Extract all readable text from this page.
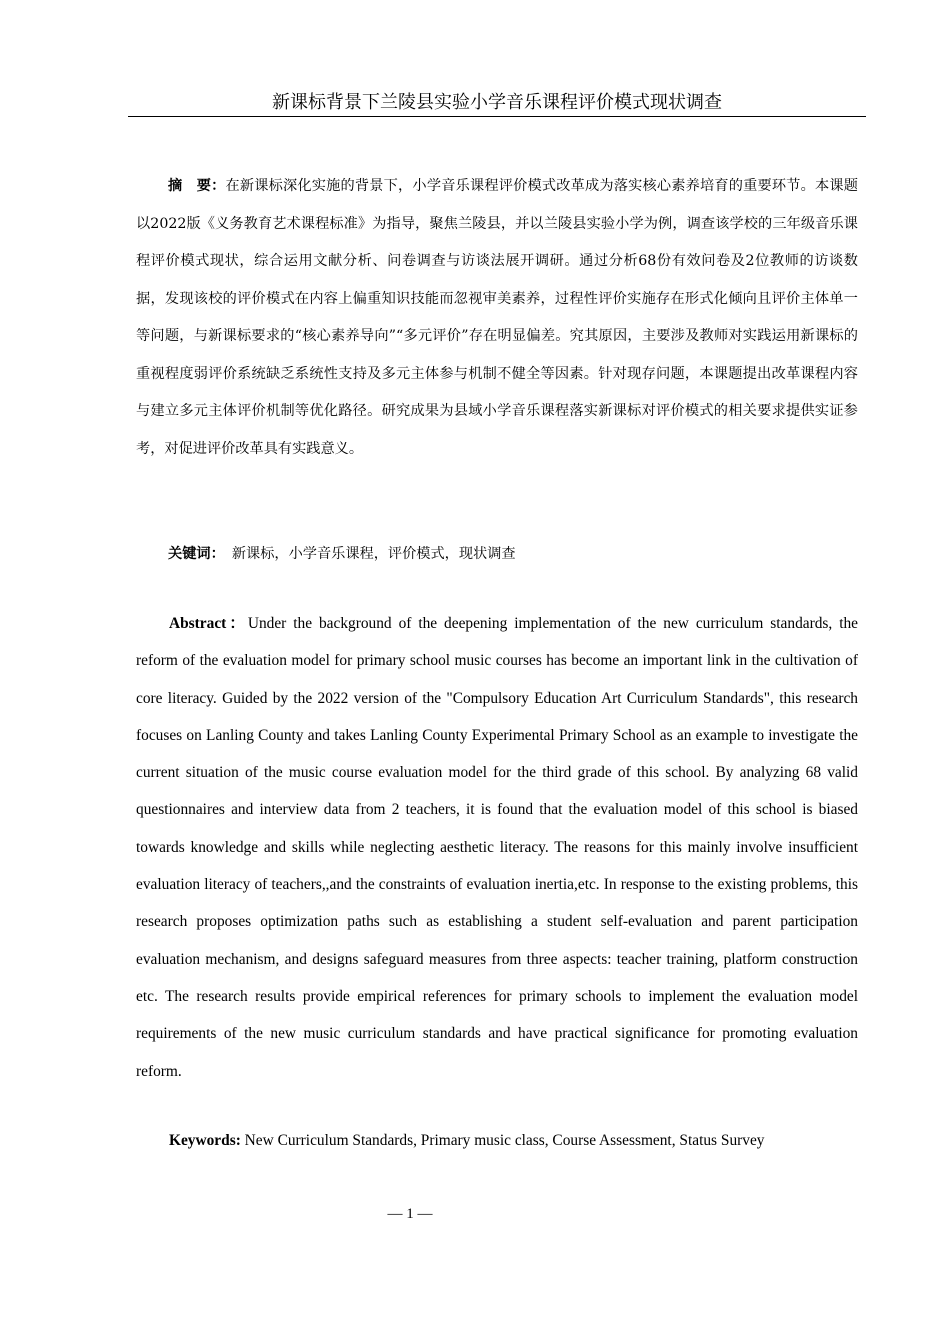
新课标背景下兰陵县实验小学音乐课程评价模式现状调查
摘　要：在新课标深化实施的背景下，小学音乐课程评价模式改革成为落实核心素养培育的重要环节。本课题以2022版《义务教育艺术课程标准》为指导，聚焦兰陵县，并以兰陵县实验小学为例，调查该学校的三年级音乐课程评价模式现状，综合运用文献分析、问卷调查与访谈法展开调研。通过分析68份有效问卷及2位教师的访谈数据，发现该校的评价模式在内容上偏重知识技能而忽视审美素养，过程性评价实施存在形式化倾向且评价主体单一等问题，与新课标要求的“核心素养导向”“多元评价”存在明显偏差。究其原因，主要涉及教师对实践运用新课标的重视程度弱评价系统缺乏系统性支持及多元主体参与机制不健全等因素。针对现存问题，本课题提出改革课程内容与建立多元主体评价机制等优化路径。研究成果为县域小学音乐课程落实新课标对评价模式的相关要求提供实证参考，对促进评价改革具有实践意义。
关键词：　新课标，小学音乐课程，评价模式，现状调查
Abstract：Under the background of the deepening implementation of the new curriculum standards, the reform of the evaluation model for primary school music courses has become an important link in the cultivation of core literacy. Guided by the 2022 version of the "Compulsory Education Art Curriculum Standards", this research focuses on Lanling County and takes Lanling County Experimental Primary School as an example to investigate the current situation of the music course evaluation model for the third grade of this school. By analyzing 68 valid questionnaires and interview data from 2 teachers, it is found that the evaluation model of this school is biased towards knowledge and skills while neglecting aesthetic literacy. The reasons for this mainly involve insufficient evaluation literacy of teachers,,and the constraints of evaluation inertia,etc. In response to the existing problems, this research proposes optimization paths such as establishing a student self-evaluation and parent participation evaluation mechanism, and designs safeguard measures from three aspects: teacher training, platform construction etc. The research results provide empirical references for primary schools to implement the evaluation model requirements of the new music curriculum standards and have practical significance for promoting evaluation reform.
Keywords: New Curriculum Standards, Primary music class, Course Assessment, Status Survey
— 1 —
